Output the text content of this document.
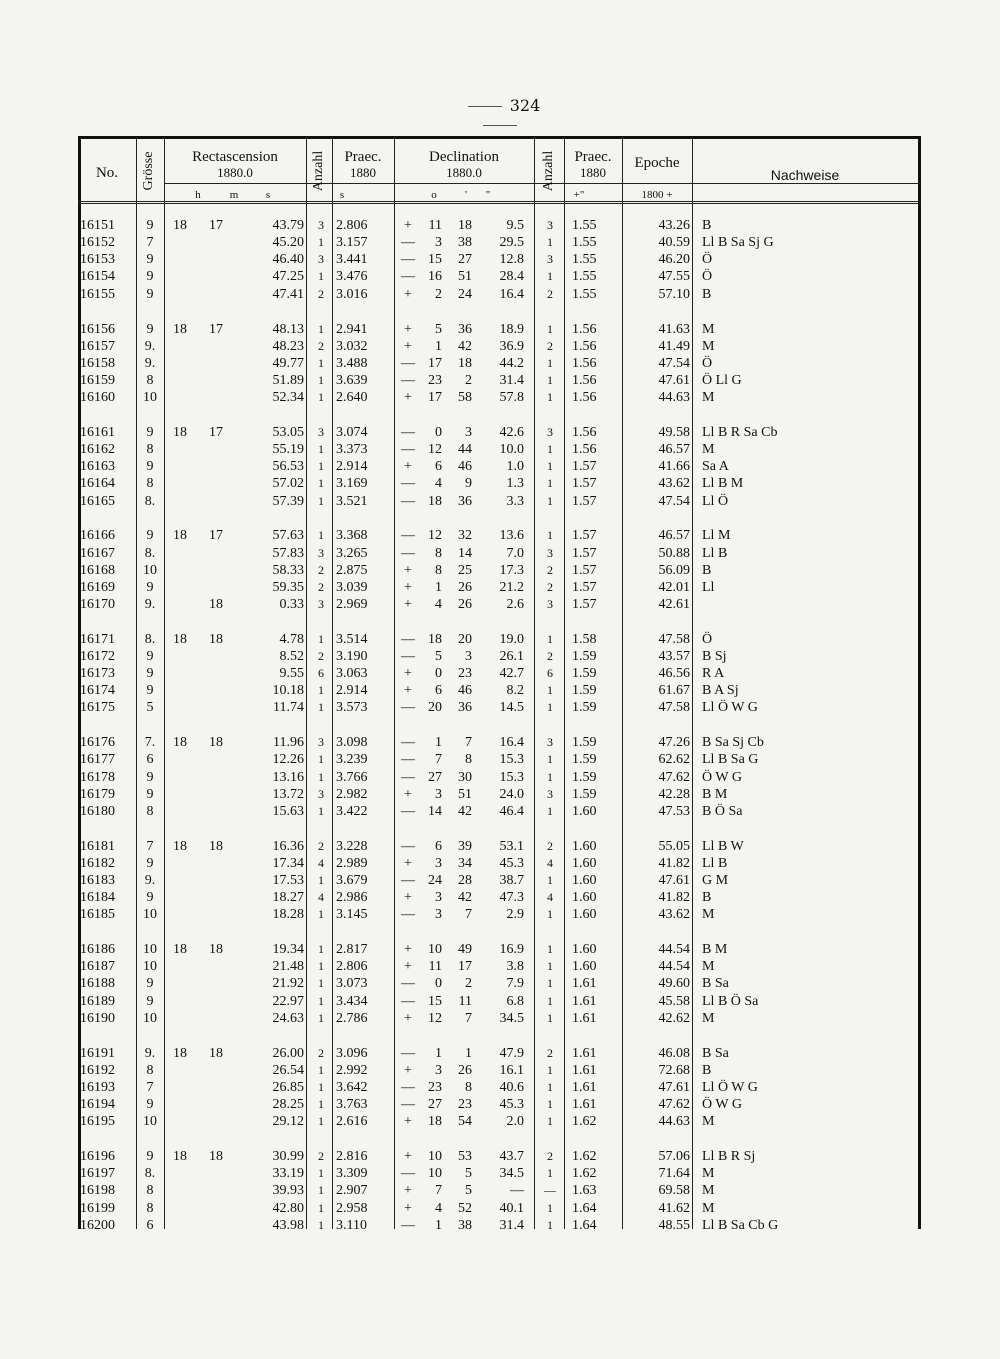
324
No.	Grösse	Rectascension
1880.0
h	m	s
Anzahl	Praec.
1880
s
Declination
1880.0
o	'	"
Anzahl	Praec.
1880
+"
Epoche
1800 +
Nachweise
16151	9	18	17	43.79	3 2.806	+	11	18	9.5	3	1.55	43.26 B
16152	7	45.20	1 3.157	—	3	38	29.5	1	1.55	40.59 Ll B Sa Sj G
16153	9	46.40	3 3.441	— 15	27	12.8	3	1.55	46.20 Ö
16154	9	47.25	1 3.476	— 16	51	28.4	1	1.55	47.55 Ö
16155	9	47.41	2 3.016	+	2	24	16.4	2	1.55	57.10 B
16156	9	18	17	48.13	1 2.941	+	5	36	18.9	1	1.56	41.63 M
16157	9.	48.23	2 3.032	+	1	42	36.9	2	1.56	41.49 M
16158	9.	49.77	1 3.488	— 17	18	44.2	1	1.56	47.54 Ö
16159	8	51.89	1 3.639	— 23	2	31.4	1	1.56	47.61 Ö Ll G
16160	10	52.34	1 2.640	+	17	58	57.8	1	1.56	44.63 M
16161	9	18	17	53.05	3 3.074	—	0	3	42.6	3	1.56	49.58 Ll B R Sa Cb
16162	8	55.19	1 3.373	— 12	44	10.0	1	1.56	46.57 M
16163	9	56.53	1 2.914	+	6	46	1.0	1	1.57	41.66 Sa A
16164	8	57.02	1 3.169	—	4	9	1.3	1	1.57	43.62 Ll B M
16165	8.	57.39	1 3.521	— 18	36	3.3	1	1.57	47.54 Ll Ö
16166	9	18	17	57.63	1 3.368	— 12	32	13.6	1	1.57	46.57 Ll M
16167	8.	57.83	3 3.265	—	8	14	7.0	3	1.57	50.88 Ll B
16168	10	58.33	2 2.875	+	8	25	17.3	2	1.57	56.09 B
16169	9	59.35	2 3.039	+	1	26	21.2	2	1.57	42.01 Ll
16170	9.	18	0.33	3 2.969	+	4	26	2.6	3	1.57	42.61
16171	8.	18	18	4.78	1 3.514	— 18	20	19.0	1	1.58	47.58 Ö
16172	9	8.52	2 3.190	—	5	3	26.1	2	1.59	43.57 B Sj
16173	9	9.55	6 3.063	+	0	23	42.7	6	1.59	46.56 R A
16174	9	10.18	1 2.914	+	6	46	8.2	1	1.59	61.67 B A Sj
16175	5	11.74	1 3.573	— 20	36	14.5	1	1.59	47.58 Ll Ö W G
16176	7.	18	18	11.96	3 3.098	—	1	7	16.4	3	1.59	47.26 B Sa Sj Cb
16177	6	12.26	1 3.239	—	7	8	15.3	1	1.59	62.62 Ll B Sa G
16178	9	13.16	1 3.766	— 27	30	15.3	1	1.59	47.62 Ö W G
16179	9	13.72	3 2.982	+	3	51	24.0	3	1.59	42.28 B M
16180	8	15.63	1 3.422	— 14	42	46.4	1	1.60	47.53 B Ö Sa
16181	7	18	18	16.36	2 3.228	—	6	39	53.1	2	1.60	55.05 Ll B W
16182	9	17.34	4 2.989	+	3	34	45.3	4	1.60	41.82 Ll B
16183	9.	17.53	1 3.679	— 24	28	38.7	1	1.60	47.61 G M
16184	9	18.27	4 2.986	+	3	42	47.3	4	1.60	41.82 B
16185	10	18.28	1 3.145	—	3	7	2.9	1	1.60	43.62 M
16186	10	18	18	19.34	1 2.817	+	10	49	16.9	1	1.60	44.54 B M
16187	10	21.48	1 2.806	+	11	17	3.8	1	1.60	44.54 M
16188	9	21.92	1 3.073	—	0	2	7.9	1	1.61	49.60 B Sa
16189	9	22.97	1 3.434	— 15	11	6.8	1	1.61	45.58 Ll B Ö Sa
16190	10	24.63	1 2.786	+	12	7	34.5	1	1.61	42.62 M
16191	9.	18	18	26.00	2 3.096	—	1	1	47.9	2	1.61	46.08 B Sa
16192	8	26.54	1 2.992	+	3	26	16.1	1	1.61	72.68 B
16193	7	26.85	1 3.642	— 23	8	40.6	1	1.61	47.61 Ll Ö W G
16194	9	28.25	1 3.763	— 27	23	45.3	1	1.61	47.62 Ö W G
16195	10	29.12	1 2.616	+	18	54	2.0	1	1.62	44.63 M
16196	9	18	18	30.99	2 2.816	+	10	53	43.7	2	1.62	57.06 Ll B R Sj
16197	8.	33.19	1 3.309	— 10	5	34.5	1	1.62	71.64 M
16198	8	39.93	1 2.907	+	7	5	—	—	1.63	69.58 M
16199	8	42.80	1 2.958	+	4	52	40.1	1	1.64	41.62 M
16200	6	43.98	1 3.110	—	1	38	31.4	1	1.64	48.55 Ll B Sa Cb G
